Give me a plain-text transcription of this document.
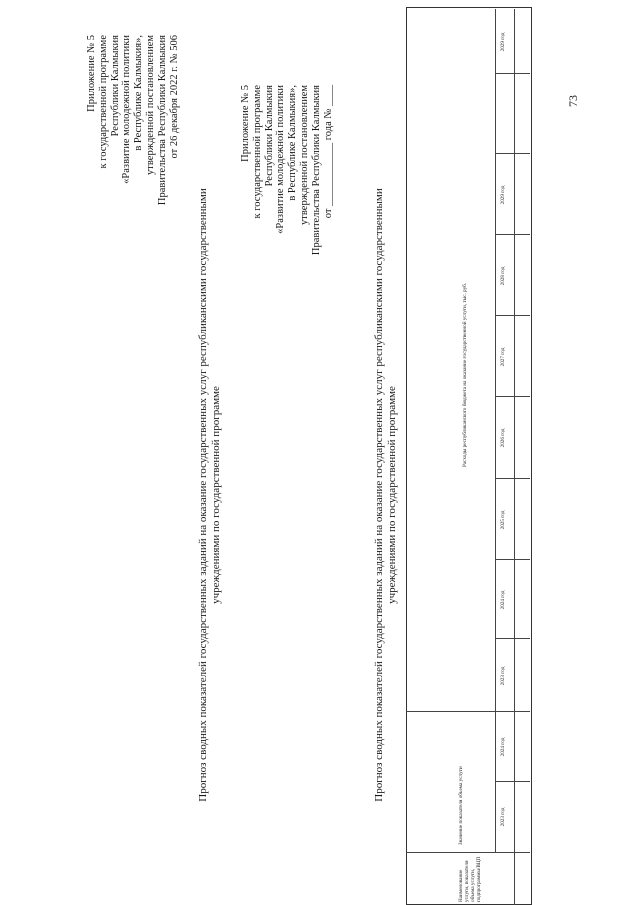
Приложение № 5 к государственной программе Республики Калмыкия «Развитие молодежной политики в Республике Калмыкия», утвержденной постановлением Правительства Республики Калмыкия от 26 декабря 2022 г. № 506
Прогноз сводных показателей государственных заданий на оказание государственных услуг республиканскими государственными учреждениями по государственной программе
Приложение № 5 к государственной программе Республики Калмыкия «Развитие молодежной политики в Республике Калмыкия», утвержденной постановлением Правительства Республики Калмыкия от ____________ года № ____
Прогноз сводных показателей государственных заданий на оказание государственных услуг республиканскими государственными учреждениями по государственной программе
Наименование услуги, показателя объема услуги, подпрограммы/ВЦП
Значение показателя объема услуги
Расходы республиканского бюджета на оказание государственной услуги, тыс. руб.
2023 год
2024 год
2023 год
2024 год
2025 год
2026 год
2027 год
2028 год
2029 год
2029 год
73
